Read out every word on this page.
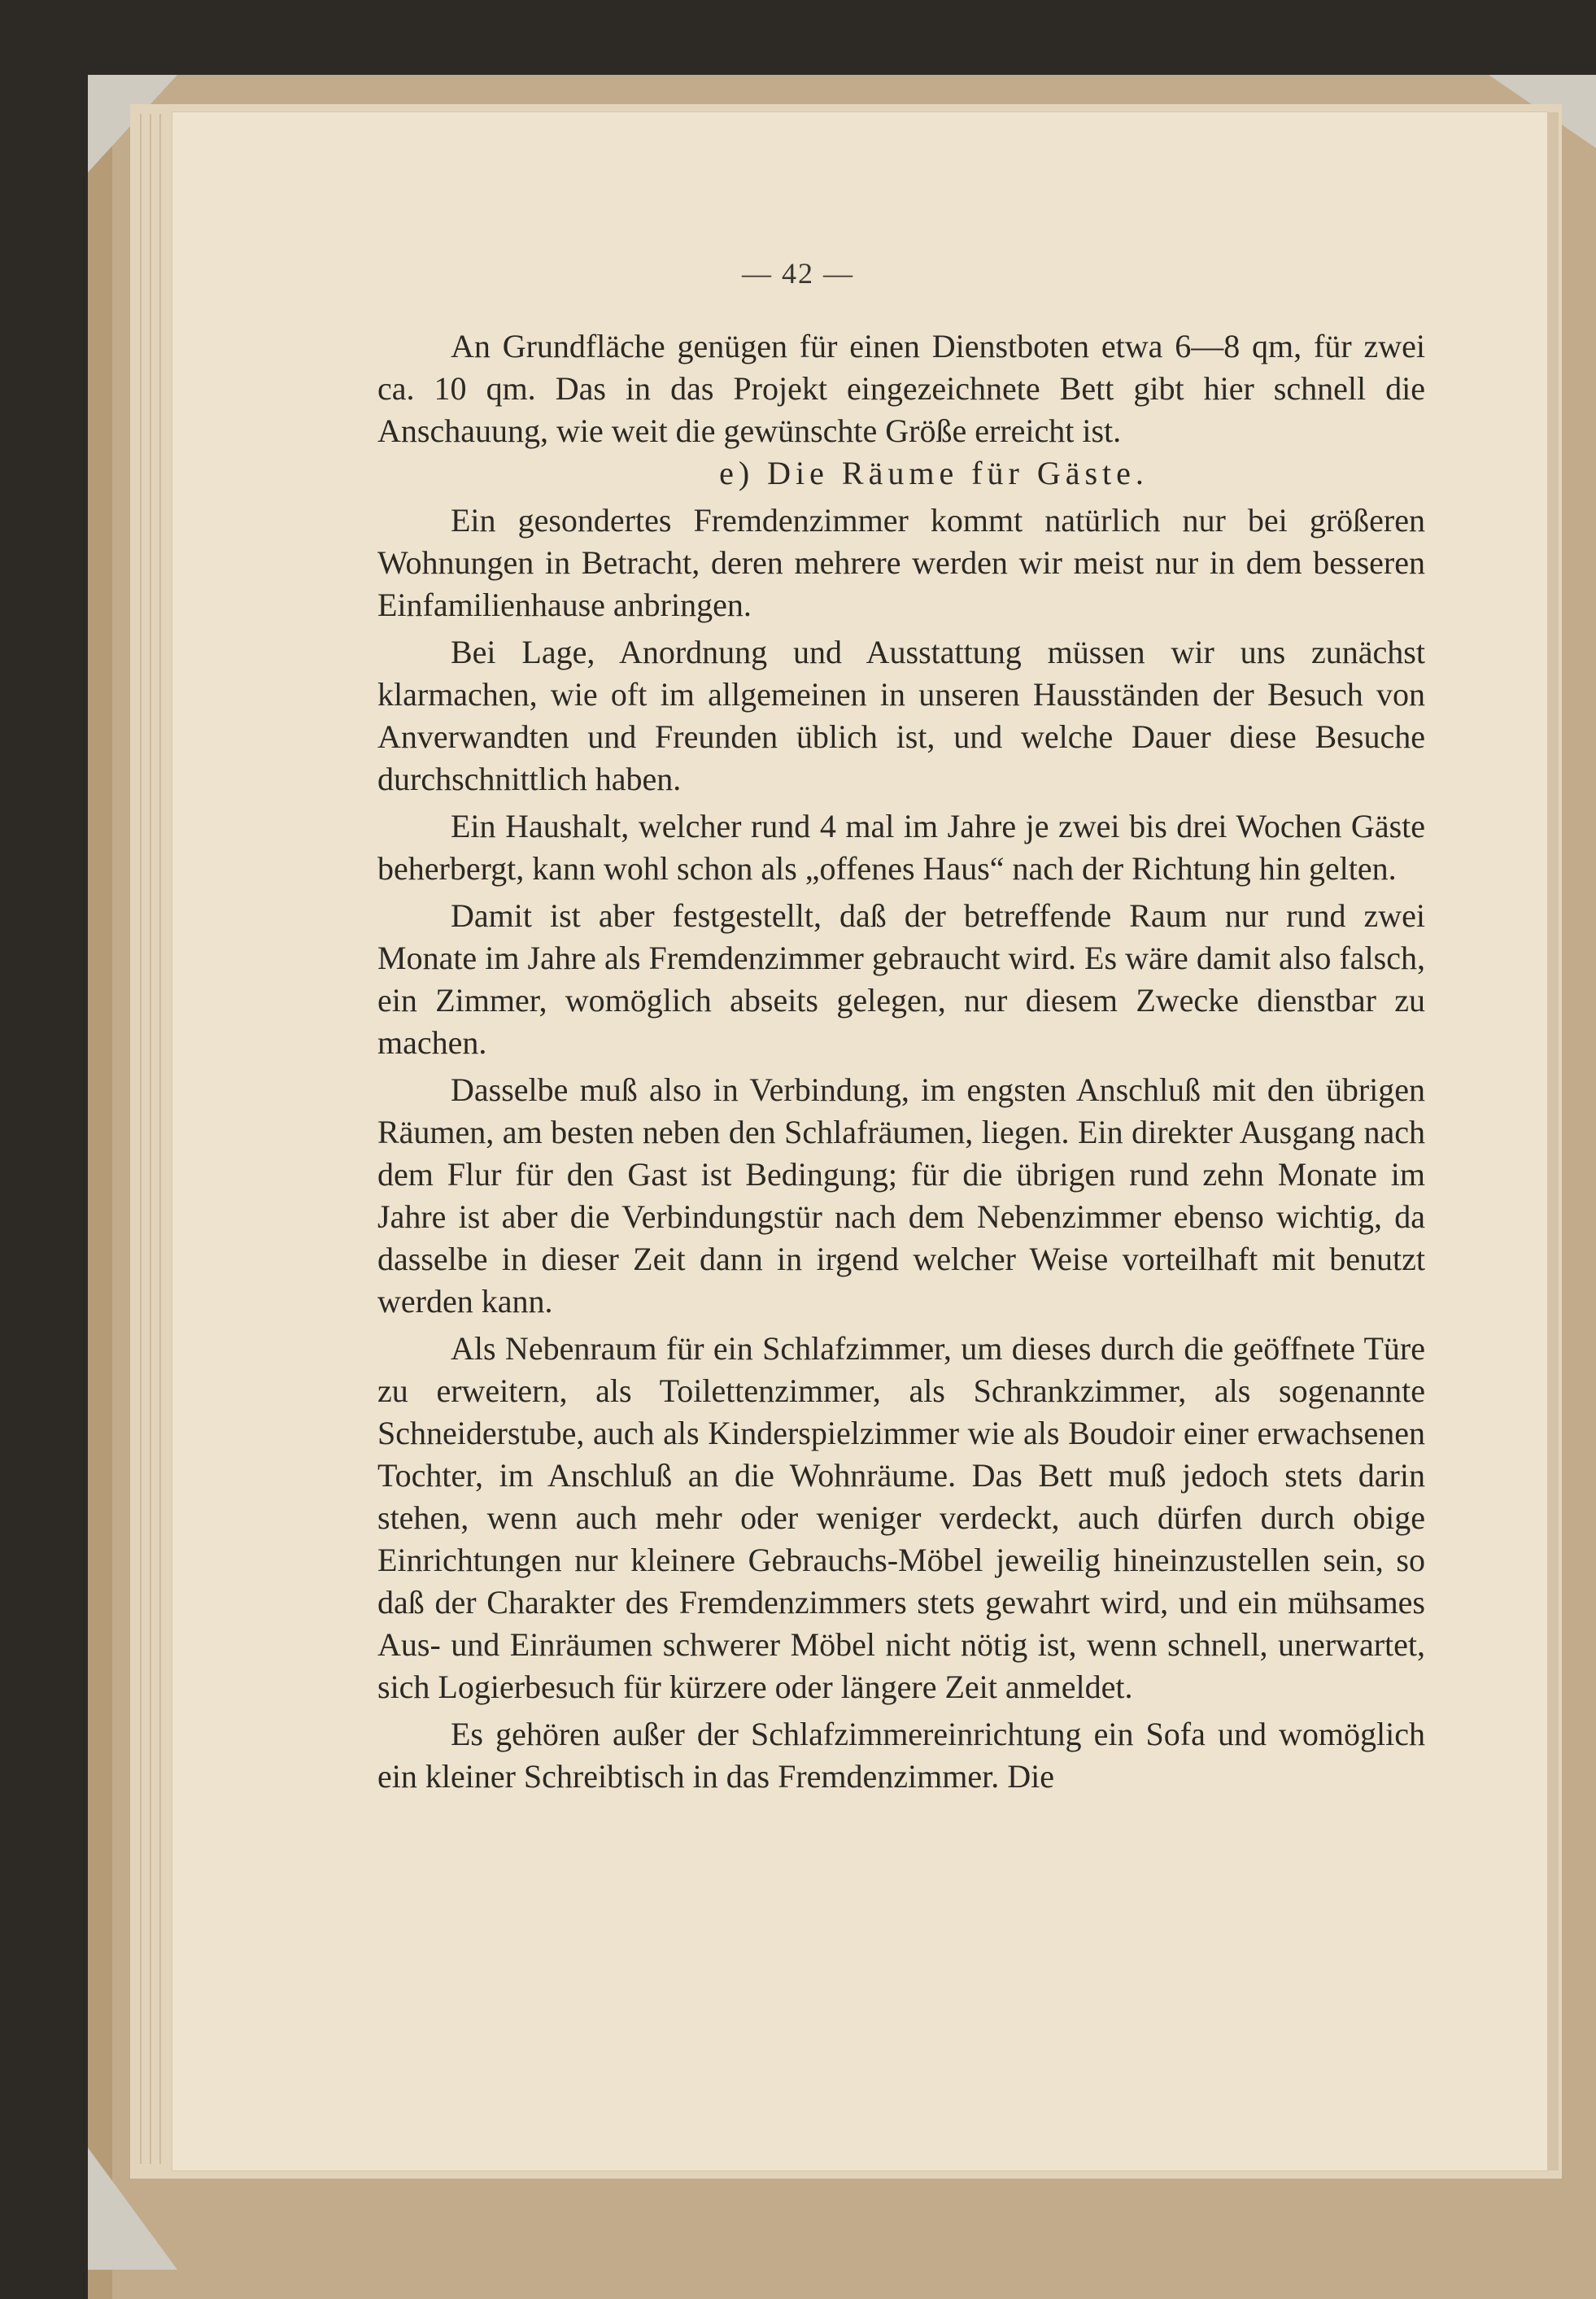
— 42 —

An Grundfläche genügen für einen Dienstboten etwa 6—8 qm, für zwei ca. 10 qm. Das in das Projekt eingezeichnete Bett gibt hier schnell die Anschauung, wie weit die gewünschte Größe erreicht ist.

e) Die Räume für Gäste.

Ein gesondertes Fremdenzimmer kommt natürlich nur bei größeren Wohnungen in Betracht, deren mehrere werden wir meist nur in dem besseren Einfamilienhause anbringen.

Bei Lage, Anordnung und Ausstattung müssen wir uns zunächst klarmachen, wie oft im allgemeinen in unseren Hausständen der Besuch von Anverwandten und Freunden üblich ist, und welche Dauer diese Besuche durchschnittlich haben.

Ein Haushalt, welcher rund 4 mal im Jahre je zwei bis drei Wochen Gäste beherbergt, kann wohl schon als „offenes Haus“ nach der Richtung hin gelten.

Damit ist aber festgestellt, daß der betreffende Raum nur rund zwei Monate im Jahre als Fremdenzimmer gebraucht wird. Es wäre damit also falsch, ein Zimmer, womöglich abseits gelegen, nur diesem Zwecke dienstbar zu machen.

Dasselbe muß also in Verbindung, im engsten Anschluß mit den übrigen Räumen, am besten neben den Schlafräumen, liegen. Ein direkter Ausgang nach dem Flur für den Gast ist Bedingung; für die übrigen rund zehn Monate im Jahre ist aber die Verbindungstür nach dem Nebenzimmer ebenso wichtig, da dasselbe in dieser Zeit dann in irgend welcher Weise vorteilhaft mit benutzt werden kann.

Als Nebenraum für ein Schlafzimmer, um dieses durch die geöffnete Türe zu erweitern, als Toilettenzimmer, als Schrankzimmer, als sogenannte Schneiderstube, auch als Kinderspielzimmer wie als Boudoir einer erwachsenen Tochter, im Anschluß an die Wohnräume. Das Bett muß jedoch stets darin stehen, wenn auch mehr oder weniger verdeckt, auch dürfen durch obige Einrichtungen nur kleinere Gebrauchs-Möbel jeweilig hineinzustellen sein, so daß der Charakter des Fremdenzimmers stets gewahrt wird, und ein mühsames Aus- und Einräumen schwerer Möbel nicht nötig ist, wenn schnell, unerwartet, sich Logierbesuch für kürzere oder längere Zeit anmeldet.

Es gehören außer der Schlafzimmereinrichtung ein Sofa und womöglich ein kleiner Schreibtisch in das Fremdenzimmer. Die
